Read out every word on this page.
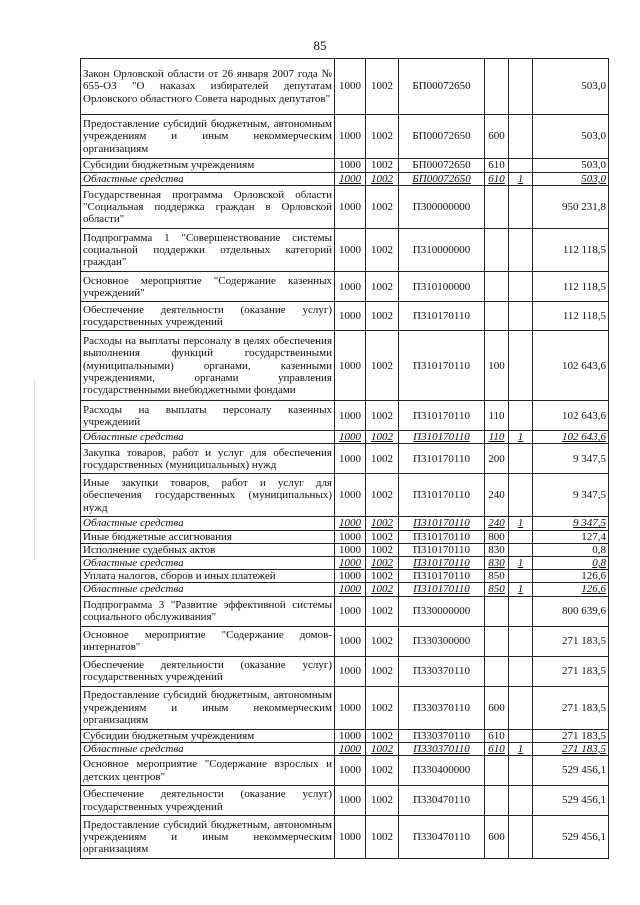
85
Закон Орловской области от 26 января 2007 года № 655-ОЗ "О наказах избирателей депутатам Орловского областного Совета народных депутатов"	1000	1002	БП00072650			503,0
Предоставление субсидий бюджетным, автономным учреждениям и иным некоммерческим организациям	1000	1002	БП00072650	600		503,0
Субсидии бюджетным учреждениям	1000	1002	БП00072650	610		503,0
Областные средства	1000	1002	БП00072650	610	1	503,0
Государственная программа Орловской области "Социальная поддержка граждан в Орловской области"	1000	1002	П300000000			950 231,8
Подпрограмма 1 "Совершенствование системы социальной поддержки отдельных категорий граждан"	1000	1002	П310000000			112 118,5
Основное мероприятие "Содержание казенных учреждений"	1000	1002	П310100000			112 118,5
Обеспечение деятельности (оказание услуг) государственных учреждений	1000	1002	П310170110			112 118,5
Расходы на выплаты персоналу в целях обеспечения выполнения функций государственными (муниципальными) органами, казенными учреждениями, органами управления государственными внебюджетными фондами	1000	1002	П310170110	100		102 643,6
Расходы на выплаты персоналу казенных учреждений	1000	1002	П310170110	110		102 643,6
Областные средства	1000	1002	П310170110	110	1	102 643,6
Закупка товаров, работ и услуг для обеспечения государственных (муниципальных) нужд	1000	1002	П310170110	200		9 347,5
Иные закупки товаров, работ и услуг для обеспечения государственных (муниципальных) нужд	1000	1002	П310170110	240		9 347,5
Областные средства	1000	1002	П310170110	240	1	9 347,5
Иные бюджетные ассигнования	1000	1002	П310170110	800		127,4
Исполнение судебных актов	1000	1002	П310170110	830		0,8
Областные средства	1000	1002	П310170110	830	1	0,8
Уплата налогов, сборов и иных платежей	1000	1002	П310170110	850		126,6
Областные средства	1000	1002	П310170110	850	1	126,6
Подпрограмма 3 "Развитие эффективной системы социального обслуживания"	1000	1002	П330000000			800 639,6
Основное мероприятие "Содержание домов-интернатов"	1000	1002	П330300000			271 183,5
Обеспечение деятельности (оказание услуг) государственных учреждений	1000	1002	П330370110			271 183,5
Предоставление субсидий бюджетным, автономным учреждениям и иным некоммерческим организациям	1000	1002	П330370110	600		271 183,5
Субсидии бюджетным учреждениям	1000	1002	П330370110	610		271 183,5
Областные средства	1000	1002	П330370110	610	1	271 183,5
Основное мероприятие "Содержание взрослых и детских центров"	1000	1002	П330400000			529 456,1
Обеспечение деятельности (оказание услуг) государственных учреждений	1000	1002	П330470110			529 456,1
Предоставление субсидий бюджетным, автономным учреждениям и иным некоммерческим организациям	1000	1002	П330470110	600		529 456,1
